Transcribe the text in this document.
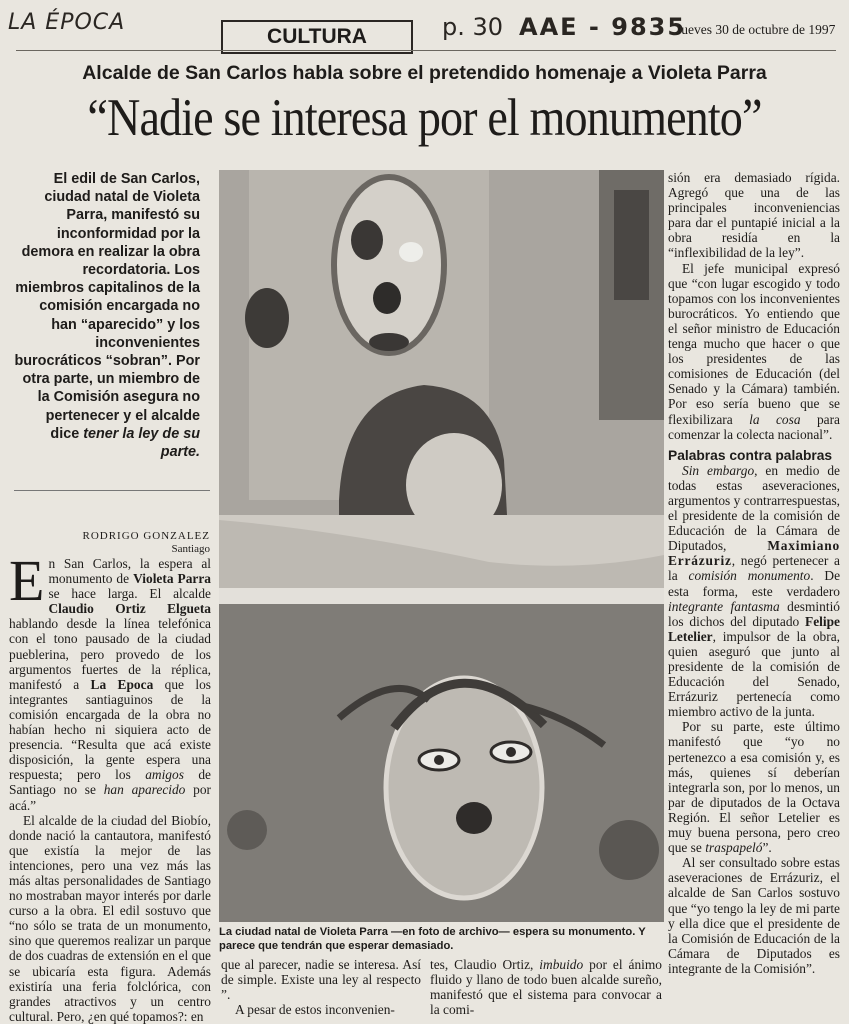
LA ÉPOCA
CULTURA	p. 30 AAE - 9835
Jueves 30 de octubre de 1997
Alcalde de San Carlos habla sobre el pretendido homenaje a Violeta Parra
“Nadie se interesa por el monumento”
El edil de San Carlos, ciudad natal de Violeta Parra, manifestó su inconformidad por la demora en realizar la obra recordatoria. Los miembros capitalinos de la comisión encargada no han “aparecido” y los inconvenientes burocráticos “sobran”. Por otra parte, un miembro de la Comisión asegura no pertenecer y el alcalde dice tener la ley de su parte.
RODRIGO GONZALEZ
Santiago

En San Carlos, la espera al monumento de Violeta Parra se hace larga. El alcalde Claudio Ortiz Elgueta hablando desde la línea telefónica con el tono pausado de la ciudad pueblerina, pero provedo de los argumentos fuertes de la réplica, manifestó a La Epoca que los integrantes santiaguinos de la comisión encargada de la obra no habían hecho ni siquiera acto de presencia. “Resulta que acá existe disposición, la gente espera una respuesta; pero los amigos de Santiago no se han aparecido por acá.”

El alcalde de la ciudad del Biobío, donde nació la cantautora, manifestó que existía la mejor de las intenciones, pero una vez más las más altas personalidades de Santiago no mostraban mayor interés por darle curso a la obra. El edil sostuvo que “no sólo se trata de un monumento, sino que queremos realizar un parque de dos cuadras de extensión en el que se ubicaría esta figura. Además existiría una feria folclórica, con grandes atractivos y un centro cultural. Pero, ¿en qué topamos?: en

La ciudad natal de Violeta Parra —en foto de archivo— espera su monumento. Y parece que tendrán que esperar demasiado.

que al parecer, nadie se interesa. Así de simple. Existe una ley al respecto ”.

A pesar de estos inconvenien-

tes, Claudio Ortiz, imbuido por el ánimo fluido y llano de todo buen alcalde sureño, manifestó que el sistema para convocar a la comi-

sión era demasiado rígida. Agregó que una de las principales inconveniencias para dar el puntapié inicial a la obra residía en la “inflexibilidad de la ley”.

El jefe municipal expresó que “con lugar escogido y todo topamos con los inconvenientes burocráticos. Yo entiendo que el señor ministro de Educación tenga mucho que hacer o que los presidentes de las comisiones de Educación (del Senado y la Cámara) también. Por eso sería bueno que se flexibilizara la cosa para comenzar la colecta nacional”.

Palabras contra palabras

Sin embargo, en medio de todas estas aseveraciones, argumentos y contrarrespuestas, el presidente de la comisión de Educación de la Cámara de Diputados, Maximiano Errázuriz, negó pertenecer a la comisión monumento. De esta forma, este verdadero integrante fantasma desmintió los dichos del diputado Felipe Letelier, impulsor de la obra, quien aseguró que junto al presidente de la comisión de Educación del Senado, Errázuriz pertenecía como miembro activo de la junta.

Por su parte, este último manifestó que “yo no pertenezco a esa comisión y, es más, quienes sí deberían integrarla son, por lo menos, un par de diputados de la Octava Región. El señor Letelier es muy buena persona, pero creo que se traspapeló”.

Al ser consultado sobre estas aseveraciones de Errázuriz, el alcalde de San Carlos sostuvo que “yo tengo la ley de mi parte y ella dice que el presidente de la Comisión de Educación de la Cámara de Diputados es integrante de la Comisión”.
